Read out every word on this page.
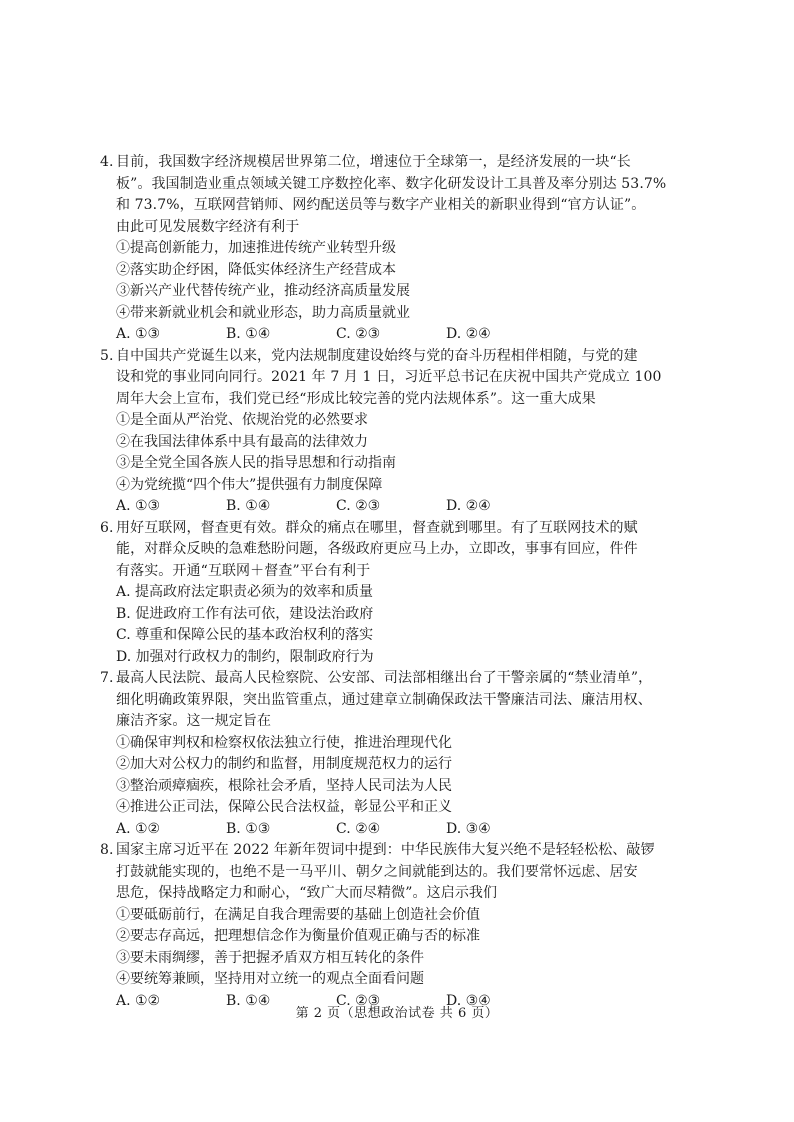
4. 目前，我国数字经济规模居世界第二位，增速位于全球第一，是经济发展的一块“长
板”。我国制造业重点领域关键工序数控化率、数字化研发设计工具普及率分别达 53.7%
和 73.7%，互联网营销师、网约配送员等与数字产业相关的新职业得到“官方认证”。
由此可见发展数字经济有利于
①提高创新能力，加速推进传统产业转型升级
②落实助企纾困，降低实体经济生产经营成本
③新兴产业代替传统产业，推动经济高质量发展
④带来新就业机会和就业形态，助力高质量就业
A. ①③	B. ①④	C. ②③	D. ②④
5. 自中国共产党诞生以来，党内法规制度建设始终与党的奋斗历程相伴相随，与党的建
设和党的事业同向同行。2021 年 7 月 1 日，习近平总书记在庆祝中国共产党成立 100
周年大会上宣布，我们党已经“形成比较完善的党内法规体系”。这一重大成果
①是全面从严治党、依规治党的必然要求
②在我国法律体系中具有最高的法律效力
③是全党全国各族人民的指导思想和行动指南
④为党统揽“四个伟大”提供强有力制度保障
A. ①③	B. ①④	C. ②③	D. ②④
6. 用好互联网，督查更有效。群众的痛点在哪里，督查就到哪里。有了互联网技术的赋
能，对群众反映的急难愁盼问题，各级政府更应马上办，立即改，事事有回应，件件
有落实。开通“互联网＋督查”平台有利于
A. 提高政府法定职责必须为的效率和质量
B. 促进政府工作有法可依，建设法治政府
C. 尊重和保障公民的基本政治权利的落实
D. 加强对行政权力的制约，限制政府行为
7. 最高人民法院、最高人民检察院、公安部、司法部相继出台了干警亲属的“禁业清单”，
细化明确政策界限，突出监管重点，通过建章立制确保政法干警廉洁司法、廉洁用权、
廉洁齐家。这一规定旨在
①确保审判权和检察权依法独立行使，推进治理现代化
②加大对公权力的制约和监督，用制度规范权力的运行
③整治顽瘴痼疾，根除社会矛盾，坚持人民司法为人民
④推进公正司法，保障公民合法权益，彰显公平和正义
A. ①②	B. ①③	C. ②④	D. ③④
8. 国家主席习近平在 2022 年新年贺词中提到：中华民族伟大复兴绝不是轻轻松松、敲锣
打鼓就能实现的，也绝不是一马平川、朝夕之间就能到达的。我们要常怀远虑、居安
思危，保持战略定力和耐心，“致广大而尽精微”。这启示我们
①要砥砺前行，在满足自我合理需要的基础上创造社会价值
②要志存高远，把理想信念作为衡量价值观正确与否的标准
③要未雨绸缪，善于把握矛盾双方相互转化的条件
④要统筹兼顾，坚持用对立统一的观点全面看问题
A. ①②	B. ①④	C. ②③	D. ③④
第 2 页（思想政治试卷 共 6 页）
